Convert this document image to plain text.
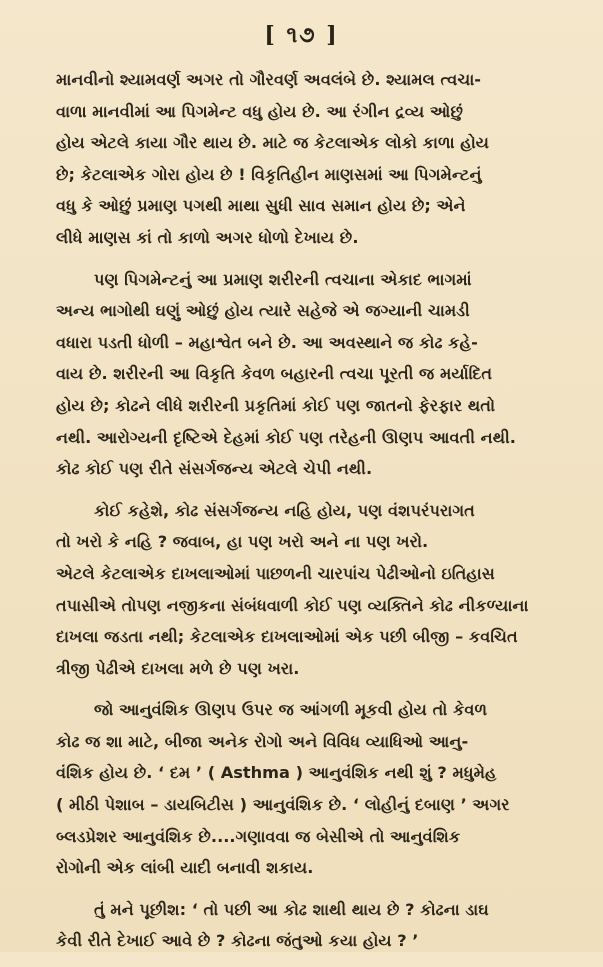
[ ૧૭ ]
માનવીનો શ્યામવર્ણ અગર તો ગૌરવર્ણ અવલંબે છે. શ્યામલ ત્વચા-
વાળા માનવીમાં આ પિગમેન્ટ વધુ હોય છે. આ રંગીન દ્રવ્ય ઓછું
હોય એટલે કાયા ગૌર થાય છે. માટે જ કેટલાએક લોકો કાળા હોય
છે; કેટલાએક ગોરા હોય છે ! વિકૃતિહીન માણસમાં આ પિગમેન્ટનું
વધુ કે ઓછું પ્રમાણ પગથી માથા સુધી સાવ સમાન હોય છે; એને
લીધે માણસ કાં તો કાળો અગર ધોળો દેખાય છે.
પણ પિગમેન્ટનું આ પ્રમાણ શરીરની ત્વચાના એકાદ ભાગમાં
અન્ય ભાગોથી ઘણું ઓછું હોય ત્યારે સહેજે એ જગ્યાની ચામડી
વધારા પડતી ધોળી – મહાશ્વેત બને છે. આ અવસ્થાને જ કોઢ કહે-
વાય છે. શરીરની આ વિકૃતિ કેવળ બહારની ત્વચા પૂરતી જ મર્યાદિત
હોય છે; કોઢને લીધે શરીરની પ્રકૃતિમાં કોઈ પણ જાતનો ફેરફાર થતો
નથી. આરોગ્યની દૃષ્ટિએ દેહમાં કોઈ પણ તરેહની ઊણપ આવતી નથી.
કોઢ કોઈ પણ રીતે સંસર્ગજન્ય એટલે ચેપી નથી.
કોઈ કહેશે, કોઢ સંસર્ગજન્ય નહિ હોય, પણ વંશપરંપરાગત
તો ખરો કે નહિ ? જવાબ, હા પણ ખરો અને ના પણ ખરો.
એટલે કેટલાએક દાખલાઓમાં પાછળની ચારપાંચ પેઢીઓનો ઇતિહાસ
તપાસીએ તોપણ નજીકના સંબંધવાળી કોઈ પણ વ્યક્તિને કોઢ નીકળ્યાના
દાખલા જડતા નથી; કેટલાએક દાખલાઓમાં એક પછી બીજી – કવચિત
ત્રીજી પેઢીએ દાખલા મળે છે પણ ખરા.
જો આનુવંશિક ઊણપ ઉપર જ આંગળી મૂકવી હોય તો કેવળ
કોઢ જ શા માટે, બીજા અનેક રોગો અને વિવિધ વ્યાધિઓ આનુ-
વંશિક હોય છે. ‘ દમ ’ ( Asthma ) આનુવંશિક નથી શું ? મધુમેહ
( મીઠી પેશાબ – ડાયબિટીસ ) આનુવંશિક છે. ‘ લોહીનું દબાણ ’ અગર
બ્લડપ્રેશર આનુવંશિક છે....ગણાવવા જ બેસીએ તો આનુવંશિક
રોગોની એક લાંબી યાદી બનાવી શકાય.
તું મને પૂછીશ: ‘ તો પછી આ કોઢ શાથી થાય છે ? કોઢના ડાઘ
કેવી રીતે દેખાઈ આવે છે ? કોઢના જંતુઓ કયા હોય ? ’
